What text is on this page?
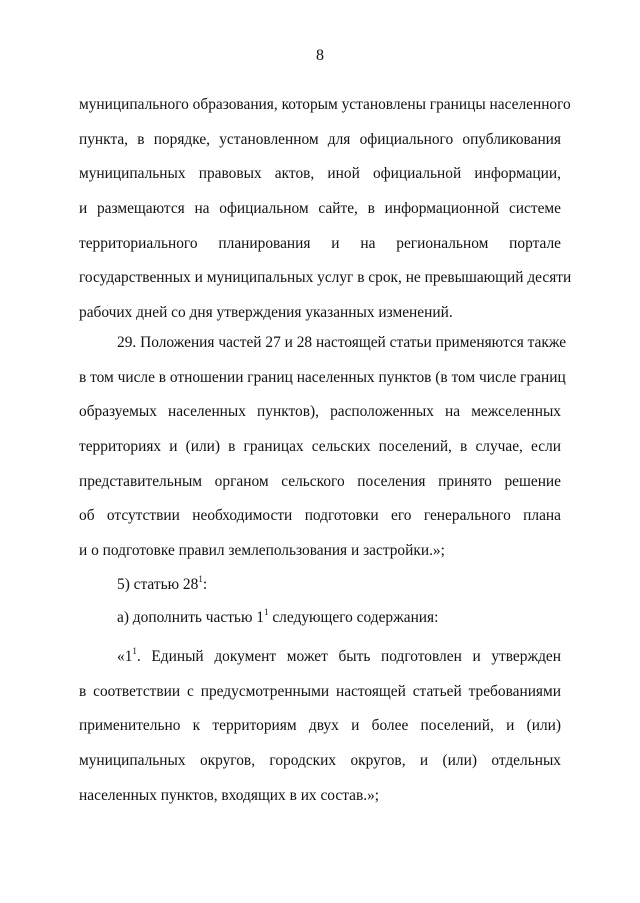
8
муниципального образования, которым установлены границы населенного
пункта, в порядке, установленном для официального опубликования
муниципальных правовых актов, иной официальной информации,
и размещаются на официальном сайте, в информационной системе
территориального планирования и на региональном портале
государственных и муниципальных услуг в срок, не превышающий десяти
рабочих дней со дня утверждения указанных изменений.
29. Положения частей 27 и 28 настоящей статьи применяются также
в том числе в отношении границ населенных пунктов (в том числе границ
образуемых населенных пунктов), расположенных на межселенных
территориях и (или) в границах сельских поселений, в случае, если
представительным органом сельского поселения принято решение
об отсутствии необходимости подготовки его генерального плана
и о подготовке правил землепользования и застройки.»;
5) статью $28^1$:
а) дополнить частью $1^1$ следующего содержания:
«$1^1$. Единый документ может быть подготовлен и утвержден
в соответствии с предусмотренными настоящей статьей требованиями
применительно к территориям двух и более поселений, и (или)
муниципальных округов, городских округов, и (или) отдельных
населенных пунктов, входящих в их состав.»;
